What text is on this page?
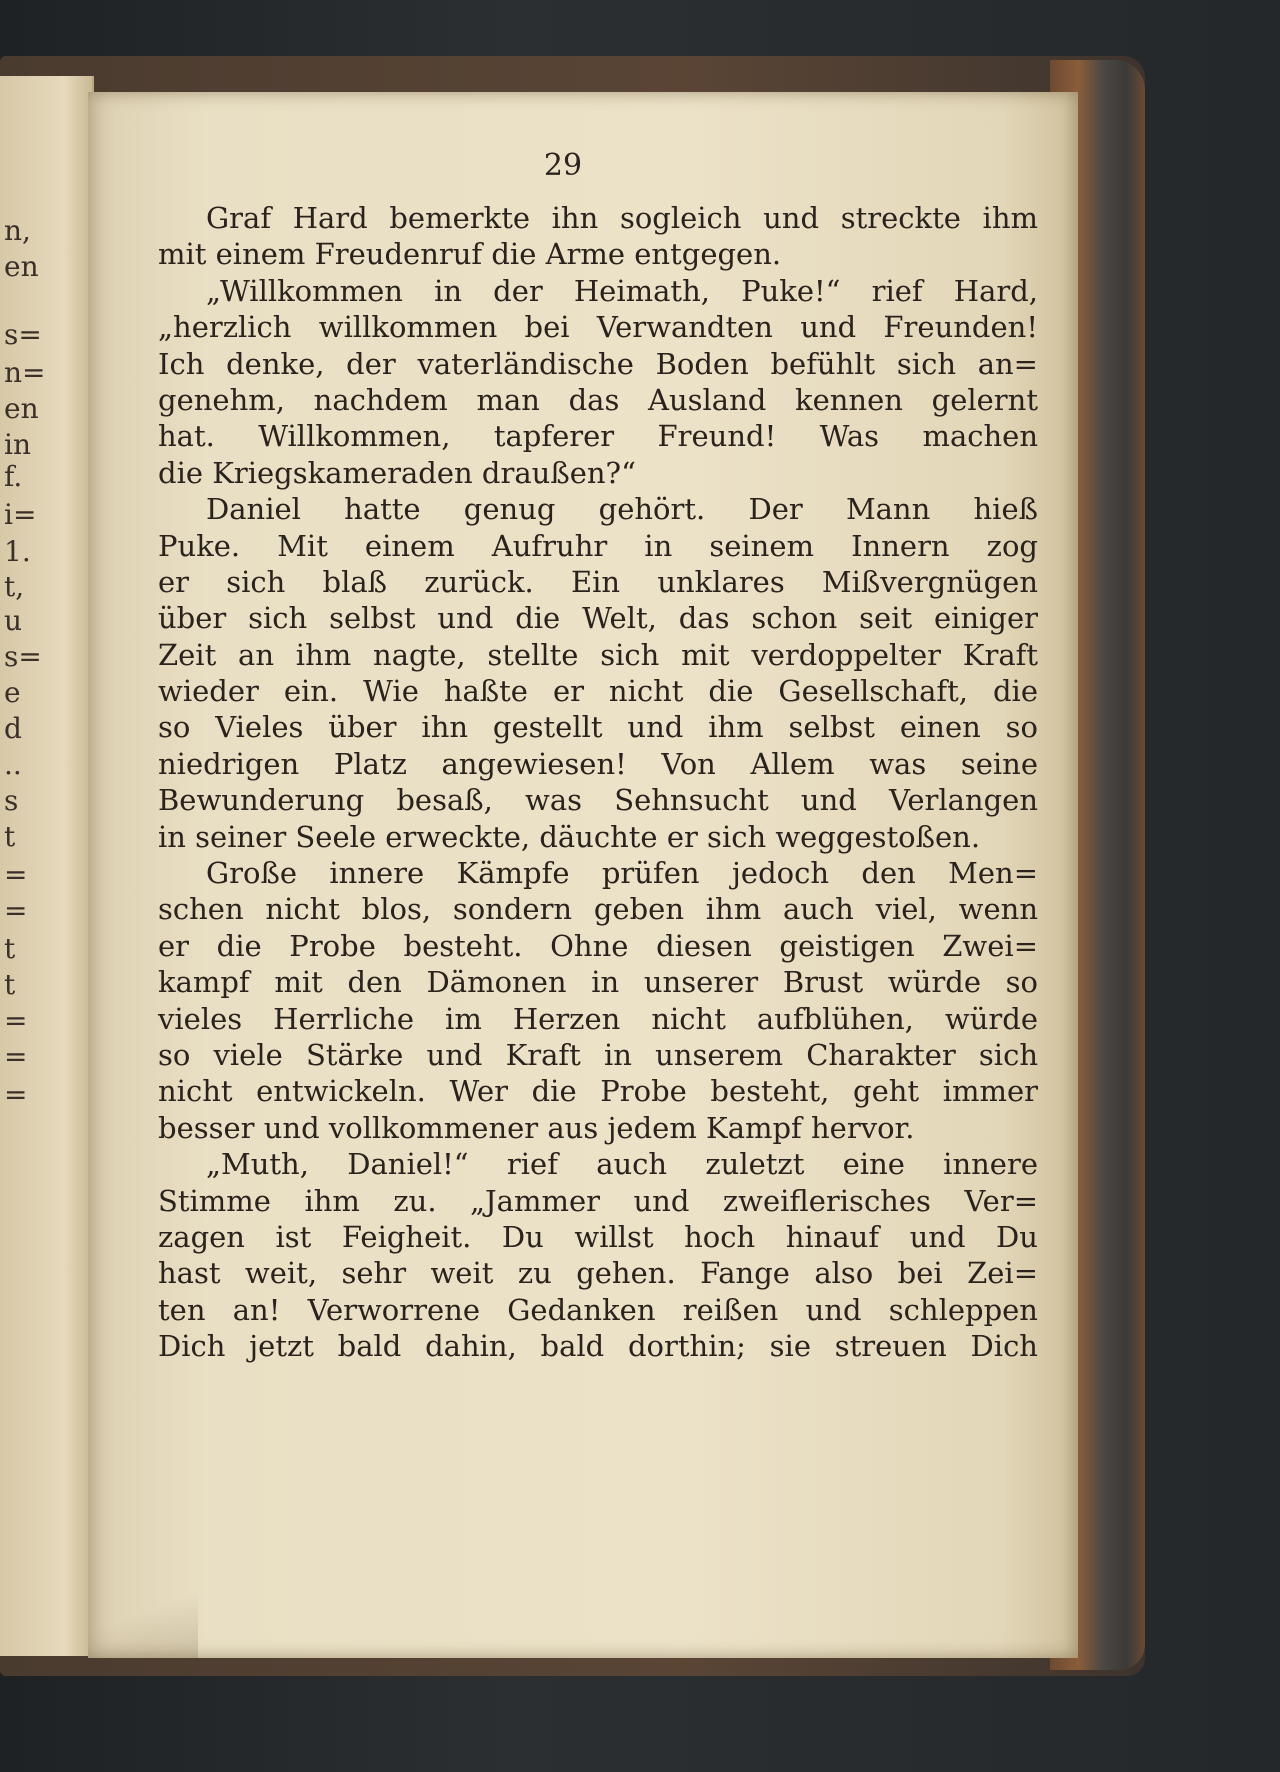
n,
en
s=
n=
en
in
f.
i=
1.
t,
u
s=
e
d
..
s
t
=
=
t
t
=
=
=
29
Graf Hard bemerkte ihn sogleich und streckte ihm
mit einem Freudenruf die Arme entgegen.
„Willkommen in der Heimath, Puke!“ rief Hard,
„herzlich willkommen bei Verwandten und Freunden!
Ich denke, der vaterländische Boden befühlt sich an=
genehm, nachdem man das Ausland kennen gelernt
hat. Willkommen, tapferer Freund! Was machen
die Kriegskameraden draußen?“
Daniel hatte genug gehört. Der Mann hieß
Puke. Mit einem Aufruhr in seinem Innern zog
er sich blaß zurück. Ein unklares Mißvergnügen
über sich selbst und die Welt, das schon seit einiger
Zeit an ihm nagte, stellte sich mit verdoppelter Kraft
wieder ein. Wie haßte er nicht die Gesellschaft, die
so Vieles über ihn gestellt und ihm selbst einen so
niedrigen Platz angewiesen! Von Allem was seine
Bewunderung besaß, was Sehnsucht und Verlangen
in seiner Seele erweckte, däuchte er sich weggestoßen.
Große innere Kämpfe prüfen jedoch den Men=
schen nicht blos, sondern geben ihm auch viel, wenn
er die Probe besteht. Ohne diesen geistigen Zwei=
kampf mit den Dämonen in unserer Brust würde so
vieles Herrliche im Herzen nicht aufblühen, würde
so viele Stärke und Kraft in unserem Charakter sich
nicht entwickeln. Wer die Probe besteht, geht immer
besser und vollkommener aus jedem Kampf hervor.
„Muth, Daniel!“ rief auch zuletzt eine innere
Stimme ihm zu. „Jammer und zweiflerisches Ver=
zagen ist Feigheit. Du willst hoch hinauf und Du
hast weit, sehr weit zu gehen. Fange also bei Zei=
ten an! Verworrene Gedanken reißen und schleppen
Dich jetzt bald dahin, bald dorthin; sie streuen Dich
